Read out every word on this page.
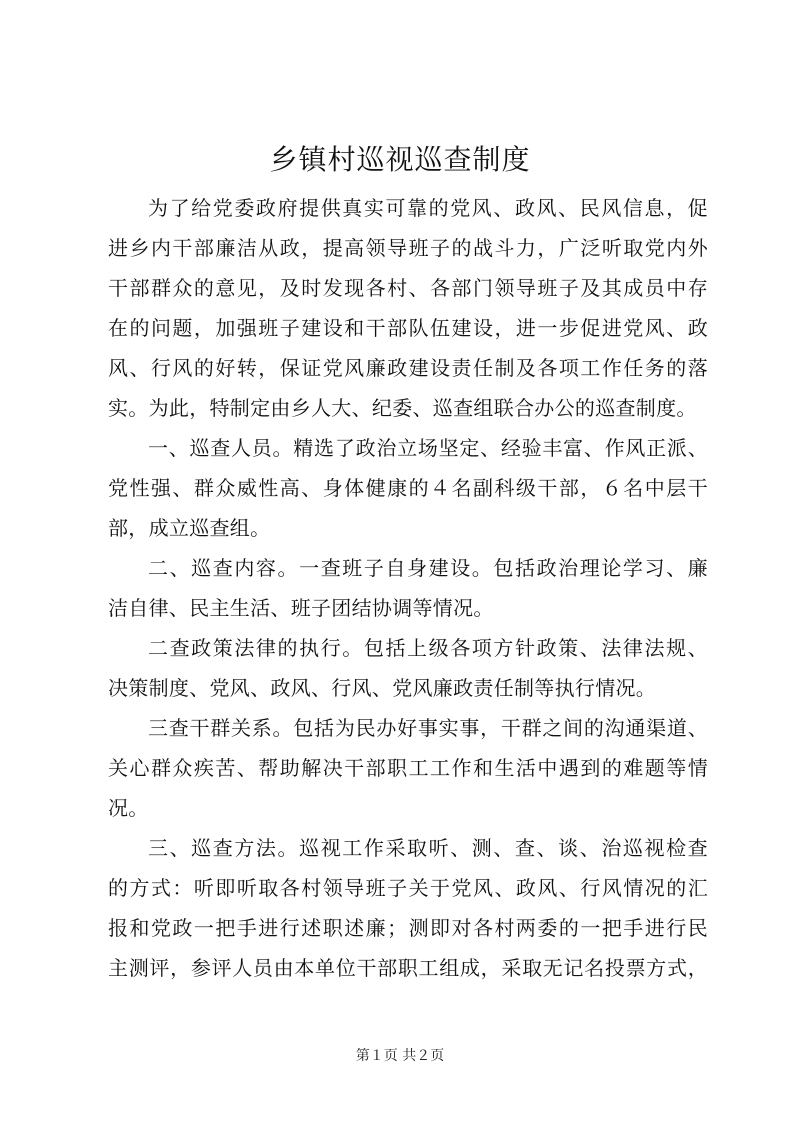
乡镇村巡视巡查制度
为了给党委政府提供真实可靠的党风、政风、民风信息，促
进乡内干部廉洁从政，提高领导班子的战斗力，广泛听取党内外
干部群众的意见，及时发现各村、各部门领导班子及其成员中存
在的问题，加强班子建设和干部队伍建设，进一步促进党风、政
风、行风的好转，保证党风廉政建设责任制及各项工作任务的落
实。为此，特制定由乡人大、纪委、巡查组联合办公的巡查制度。
一、巡查人员。精选了政治立场坚定、经验丰富、作风正派、
党性强、群众威性高、身体健康的４名副科级干部，６名中层干
部，成立巡查组。
二、巡查内容。一查班子自身建设。包括政治理论学习、廉
洁自律、民主生活、班子团结协调等情况。
二查政策法律的执行。包括上级各项方针政策、法律法规、
决策制度、党风、政风、行风、党风廉政责任制等执行情况。
三查干群关系。包括为民办好事实事，干群之间的沟通渠道、
关心群众疾苦、帮助解决干部职工工作和生活中遇到的难题等情
况。
三、巡查方法。巡视工作采取听、测、查、谈、治巡视检查
的方式：听即听取各村领导班子关于党风、政风、行风情况的汇
报和党政一把手进行述职述廉；测即对各村两委的一把手进行民
主测评，参评人员由本单位干部职工组成，采取无记名投票方式，
第１页 共２页
